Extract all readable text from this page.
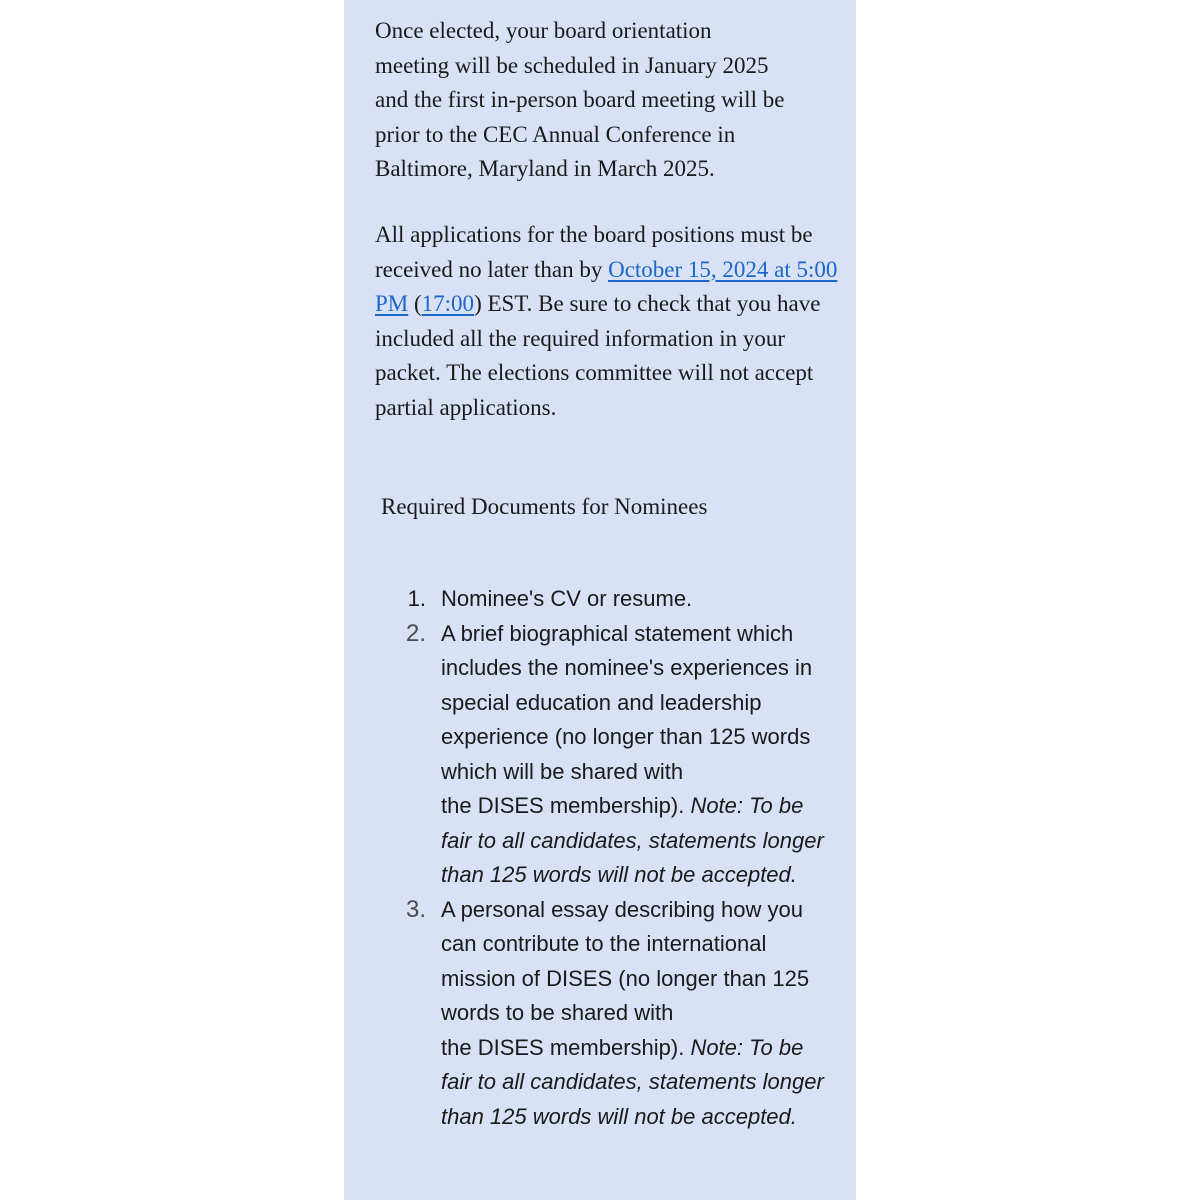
Once elected, your board orientation
meeting will be scheduled in January 2025
and the first in-person board meeting will be
prior to the CEC Annual Conference in
Baltimore, Maryland in March 2025.

All applications for the board positions must be received no later than by October 15, 2024 at 5:00 PM (17:00) EST. Be sure to check that you have included all the required information in your
packet. The elections committee will not accept partial applications.

Required Documents for Nominees

1. Nominee's CV or resume.
2. A brief biographical statement which includes the nominee's experiences in special education and leadership experience (no longer than 125 words which will be shared with
the DISES membership). Note: To be fair to all candidates, statements longer than 125 words will not be accepted.
3. A personal essay describing how you can contribute to the international mission of DISES (no longer than 125 words to be shared with
the DISES membership). Note: To be fair to all candidates, statements longer than 125 words will not be accepted.
